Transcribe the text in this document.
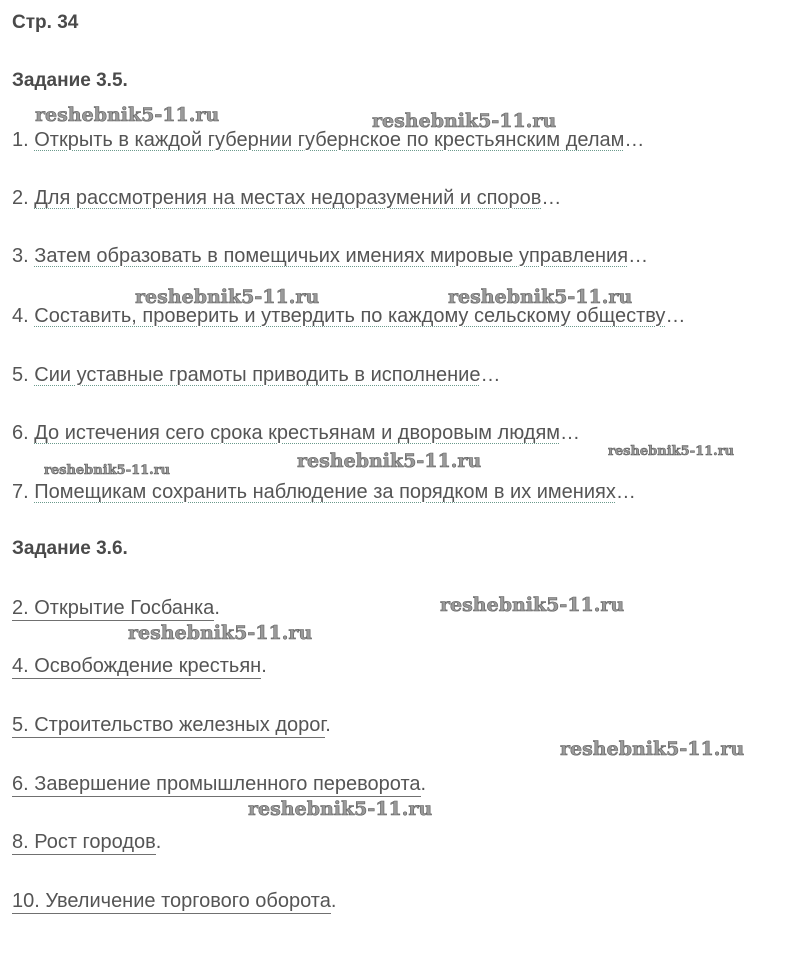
Стр. 34
Задание 3.5.

1. Открыть в каждой губернии губернское по крестьянским делам…

2. Для рассмотрения на местах недоразумений и споров…

3. Затем образовать в помещичьих имениях мировые управления…

4. Составить, проверить и утвердить по каждому сельскому обществу…

5. Сии уставные грамоты приводить в исполнение…

6. До истечения сего срока крестьянам и дворовым людям…

7. Помещикам сохранить наблюдение за порядком в их имениях…

Задание 3.6.

2. Открытие Госбанка.

4. Освобождение крестьян.

5. Строительство железных дорог.

6. Завершение промышленного переворота.

8. Рост городов.

10. Увеличение торгового оборота.

reshebnik5-11.ru	reshebnik5-11.ru
reshebnik5-11.ru	reshebnik5-11.ru
reshebnik5-11.ru	reshebnik5-11.ru	reshebnik5-11.ru
reshebnik5-11.ru
reshebnik5-11.ru
reshebnik5-11.ru
reshebnik5-11.ru
